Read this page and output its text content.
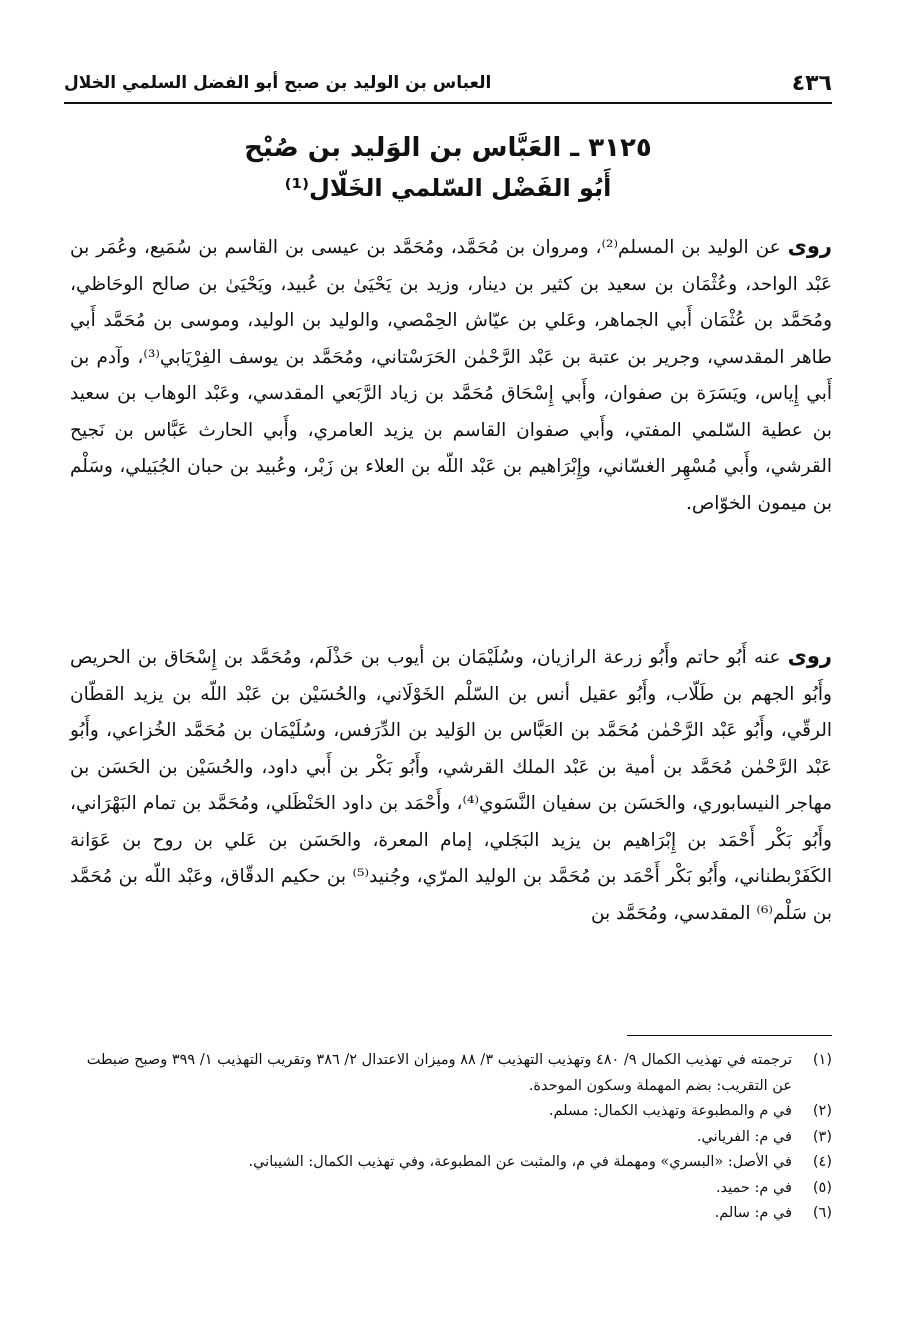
٤٣٦
العباس بن الوليد بن صبح أبو الفضل السلمي الخلال
٣١٢٥ ـ العَبَّاس بن الوَليد بن صُبْح
أَبُو الفَضْل السّلمي الخَلّال⁽¹⁾

روى عن الوليد بن المسلم⁽²⁾، ومروان بن مُحَمَّد، ومُحَمَّد بن عيسى بن القاسم بن سُمَيع، وعُمَر بن عَبْد الواحد، وعُثْمَان بن سعيد بن كثير بن دينار، وزيد بن يَحْيَىٰ بن عُبيد، ويَحْيَىٰ بن صالح الوحَاظي، ومُحَمَّد بن عُثْمَان أَبي الجماهر، وعَلي بن عيّاش الحِمْصي، والوليد بن الوليد، وموسى بن مُحَمَّد أَبي طاهر المقدسي، وجرير بن عتبة بن عَبْد الرَّحْمٰن الحَرَسْتاني، ومُحَمَّد بن يوسف الفِرْيَابي⁽³⁾، وآدم بن أَبي إِياس، ويَسَرَة بن صفوان، وأَبي إِسْحَاق مُحَمَّد بن زياد الرَّبَعي المقدسي، وعَبْد الوهاب بن سعيد بن عطية السّلمي المفتي، وأَبي صفوان القاسم بن يزيد العامري، وأَبي الحارث عَبَّاس بن نَجيح القرشي، وأَبي مُسْهِر الغسّاني، وإِبْرَاهيم بن عَبْد اللّه بن العلاء بن زَبْر، وعُبيد بن حبان الجُبَيلي، وسَلْم بن ميمون الخوّاص.

روى عنه أَبُو حاتم وأَبُو زرعة الرازيان، وسُلَيْمَان بن أيوب بن حَذْلَم، ومُحَمَّد بن إِسْحَاق بن الحريص وأَبُو الجهم بن طَلّاب، وأَبُو عقيل أنس بن السّلْم الخَوْلَاني، والحُسَيْن بن عَبْد اللّه بن يزيد القطّان الرقّي، وأَبُو عَبْد الرَّحْمٰن مُحَمَّد بن العَبَّاس بن الوَليد بن الدِّرَفس، وسُلَيْمَان بن مُحَمَّد الخُزاعي، وأَبُو عَبْد الرَّحْمٰن مُحَمَّد بن أمية بن عَبْد الملك القرشي، وأَبُو بَكْر بن أَبي داود، والحُسَيْن بن الحَسَن بن مهاجر النيسابوري، والحَسَن بن سفيان النَّسَوي⁽⁴⁾، وأَحْمَد بن داود الحَنْظَلي، ومُحَمَّد بن تمام البَهْرَاني، وأَبُو بَكْر أَحْمَد بن إِبْرَاهيم بن يزيد البَجَلي، إمام المعرة، والحَسَن بن عَلي بن روح بن عَوَانة الكَفَرْبطناني، وأَبُو بَكْر أَحْمَد بن مُحَمَّد بن الوليد المرّي، وجُنيد⁽⁵⁾ بن حكيم الدقّاق، وعَبْد اللّه بن مُحَمَّد بن سَلْم⁽⁶⁾ المقدسي، ومُحَمَّد بن

(١)
ترجمته في تهذيب الكمال ٩/ ٤٨٠ وتهذيب التهذيب ٣/ ٨٨ وميزان الاعتدال ٢/ ٣٨٦ وتقريب التهذيب ١/ ٣٩٩ وصبح ضبطت عن التقريب: بضم المهملة وسكون الموحدة.
(٢)
في م والمطبوعة وتهذيب الكمال: مسلم.
(٣)
في م: الفرياني.
(٤)
في الأصل: «البسري» ومهملة في م، والمثبت عن المطبوعة، وفي تهذيب الكمال: الشيباني.
(٥)
في م: حميد.
(٦)
في م: سالم.
